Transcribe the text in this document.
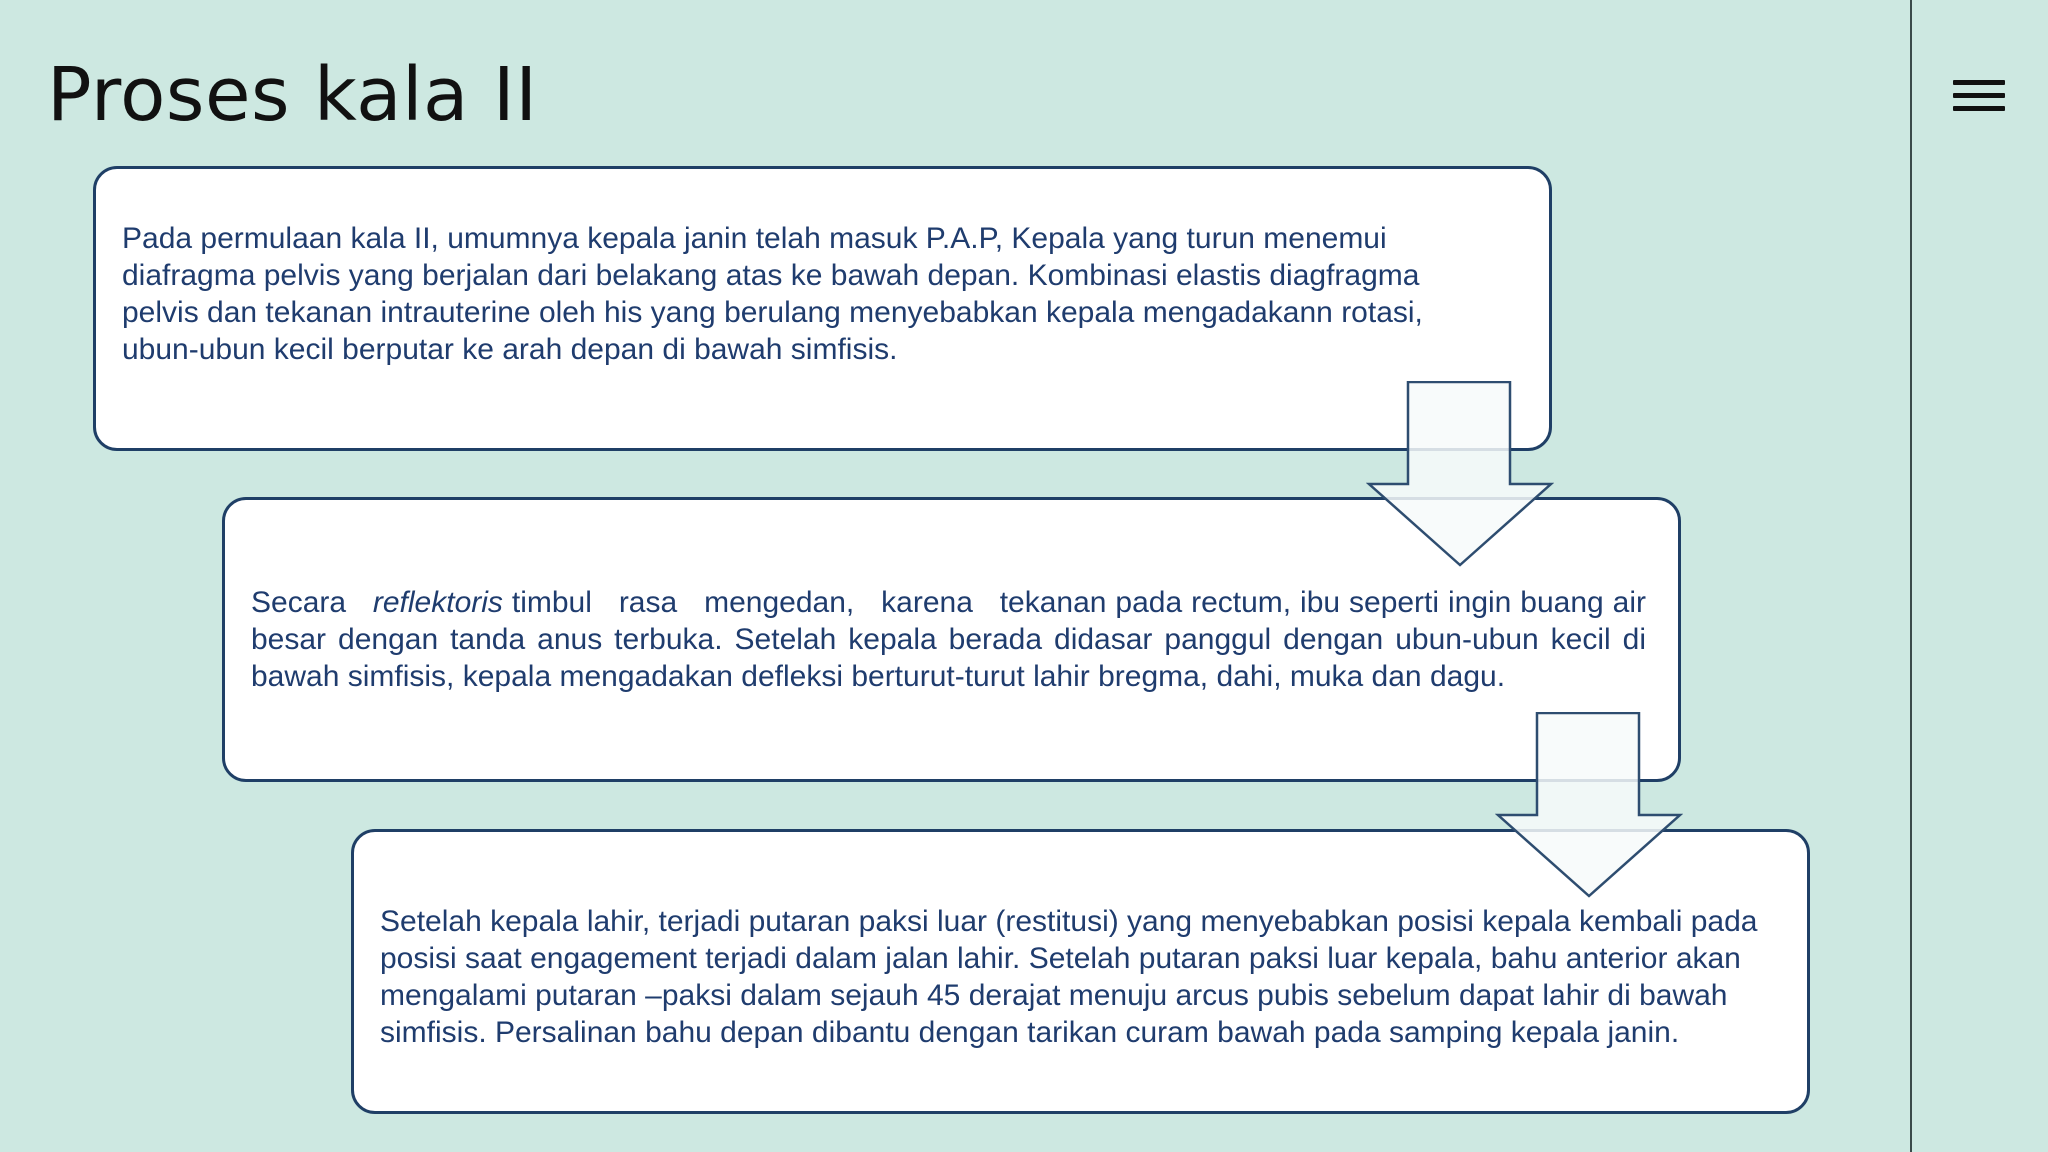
Proses kala II

Pada permulaan kala II, umumnya kepala janin telah masuk P.A.P, Kepala yang turun menemui diafragma pelvis yang berjalan dari belakang atas ke bawah depan. Kombinasi elastis diagfragma pelvis dan tekanan intrauterine oleh his yang berulang menyebabkan kepala mengadakann rotasi, ubun-ubun kecil berputar ke arah depan di bawah simfisis.

Secara reflektoris timbul rasa mengedan, karena tekanan pada rectum, ibu seperti ingin buang air besar dengan tanda anus terbuka. Setelah kepala berada didasar panggul dengan ubun-ubun kecil di bawah simfisis, kepala mengadakan defleksi berturut-turut lahir bregma, dahi, muka dan dagu.

Setelah kepala lahir, terjadi putaran paksi luar (restitusi) yang menyebabkan posisi kepala kembali pada posisi saat engagement terjadi dalam jalan lahir. Setelah putaran paksi luar kepala, bahu anterior akan mengalami putaran –paksi dalam sejauh 45 derajat menuju arcus pubis sebelum dapat lahir di bawah simfisis. Persalinan bahu depan dibantu dengan tarikan curam bawah pada samping kepala janin.
